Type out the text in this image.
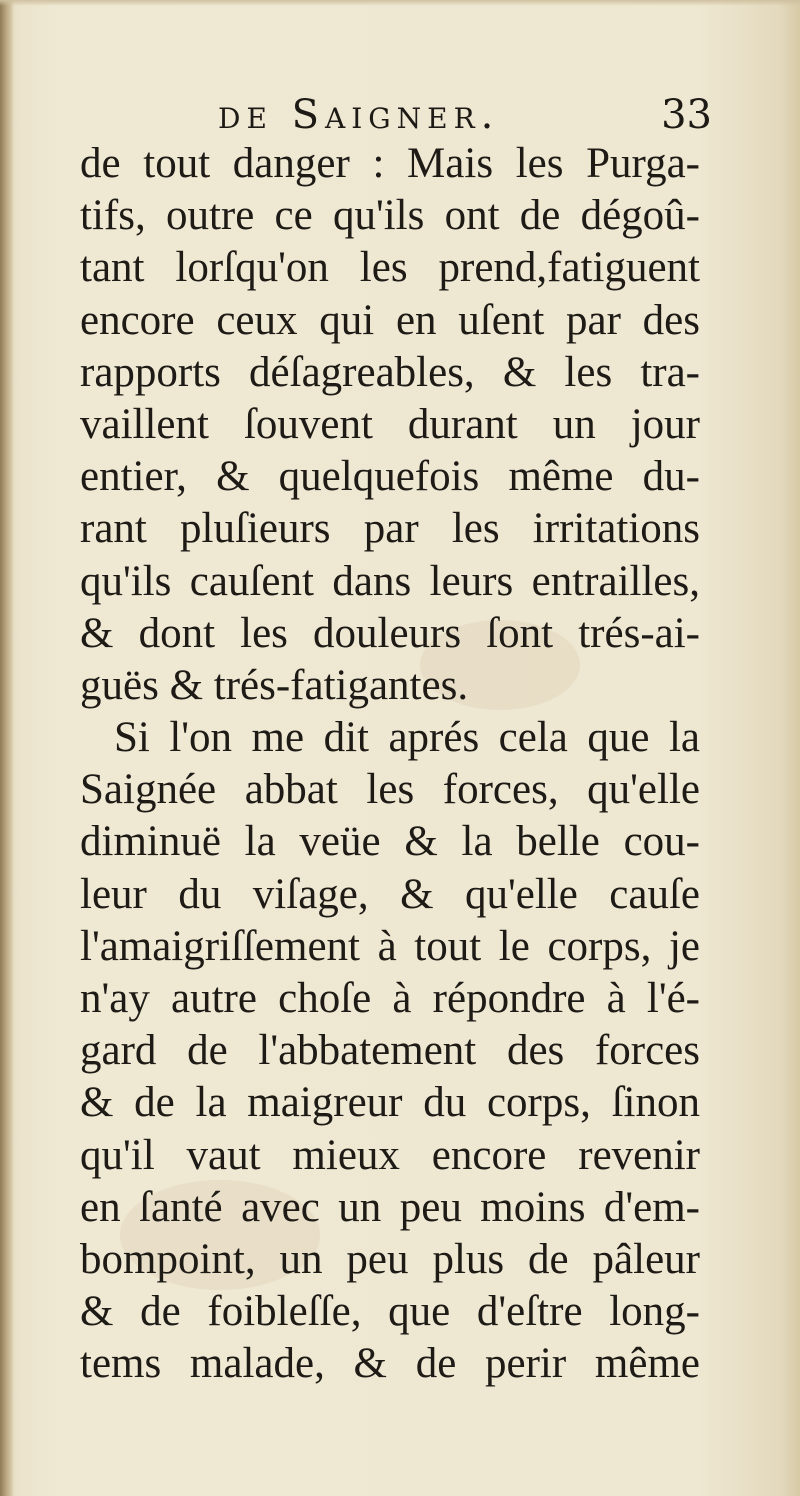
de Saigner.	33
de tout danger : Mais les Purga-
tifs, outre ce qu'ils ont de dégoû-
tant lorſqu'on les prend,fatiguent
encore ceux qui en uſent par des
rapports déſagreables, & les tra-
vaillent ſouvent durant un jour
entier, & quelquefois même du-
rant pluſieurs par les irritations
qu'ils cauſent dans leurs entrailles,
& dont les douleurs ſont trés-ai-
guës & trés-fatigantes.
Si l'on me dit aprés cela que la
Saignée abbat les forces, qu'elle
diminuë la veüe & la belle cou-
leur du viſage, & qu'elle cauſe
l'amaigriſſement à tout le corps, je
n'ay autre choſe à répondre à l'é-
gard de l'abbatement des forces
& de la maigreur du corps, ſinon
qu'il vaut mieux encore revenir
en ſanté avec un peu moins d'em-
bompoint, un peu plus de pâleur
& de foibleſſe, que d'eſtre long-
tems malade, & de perir même
